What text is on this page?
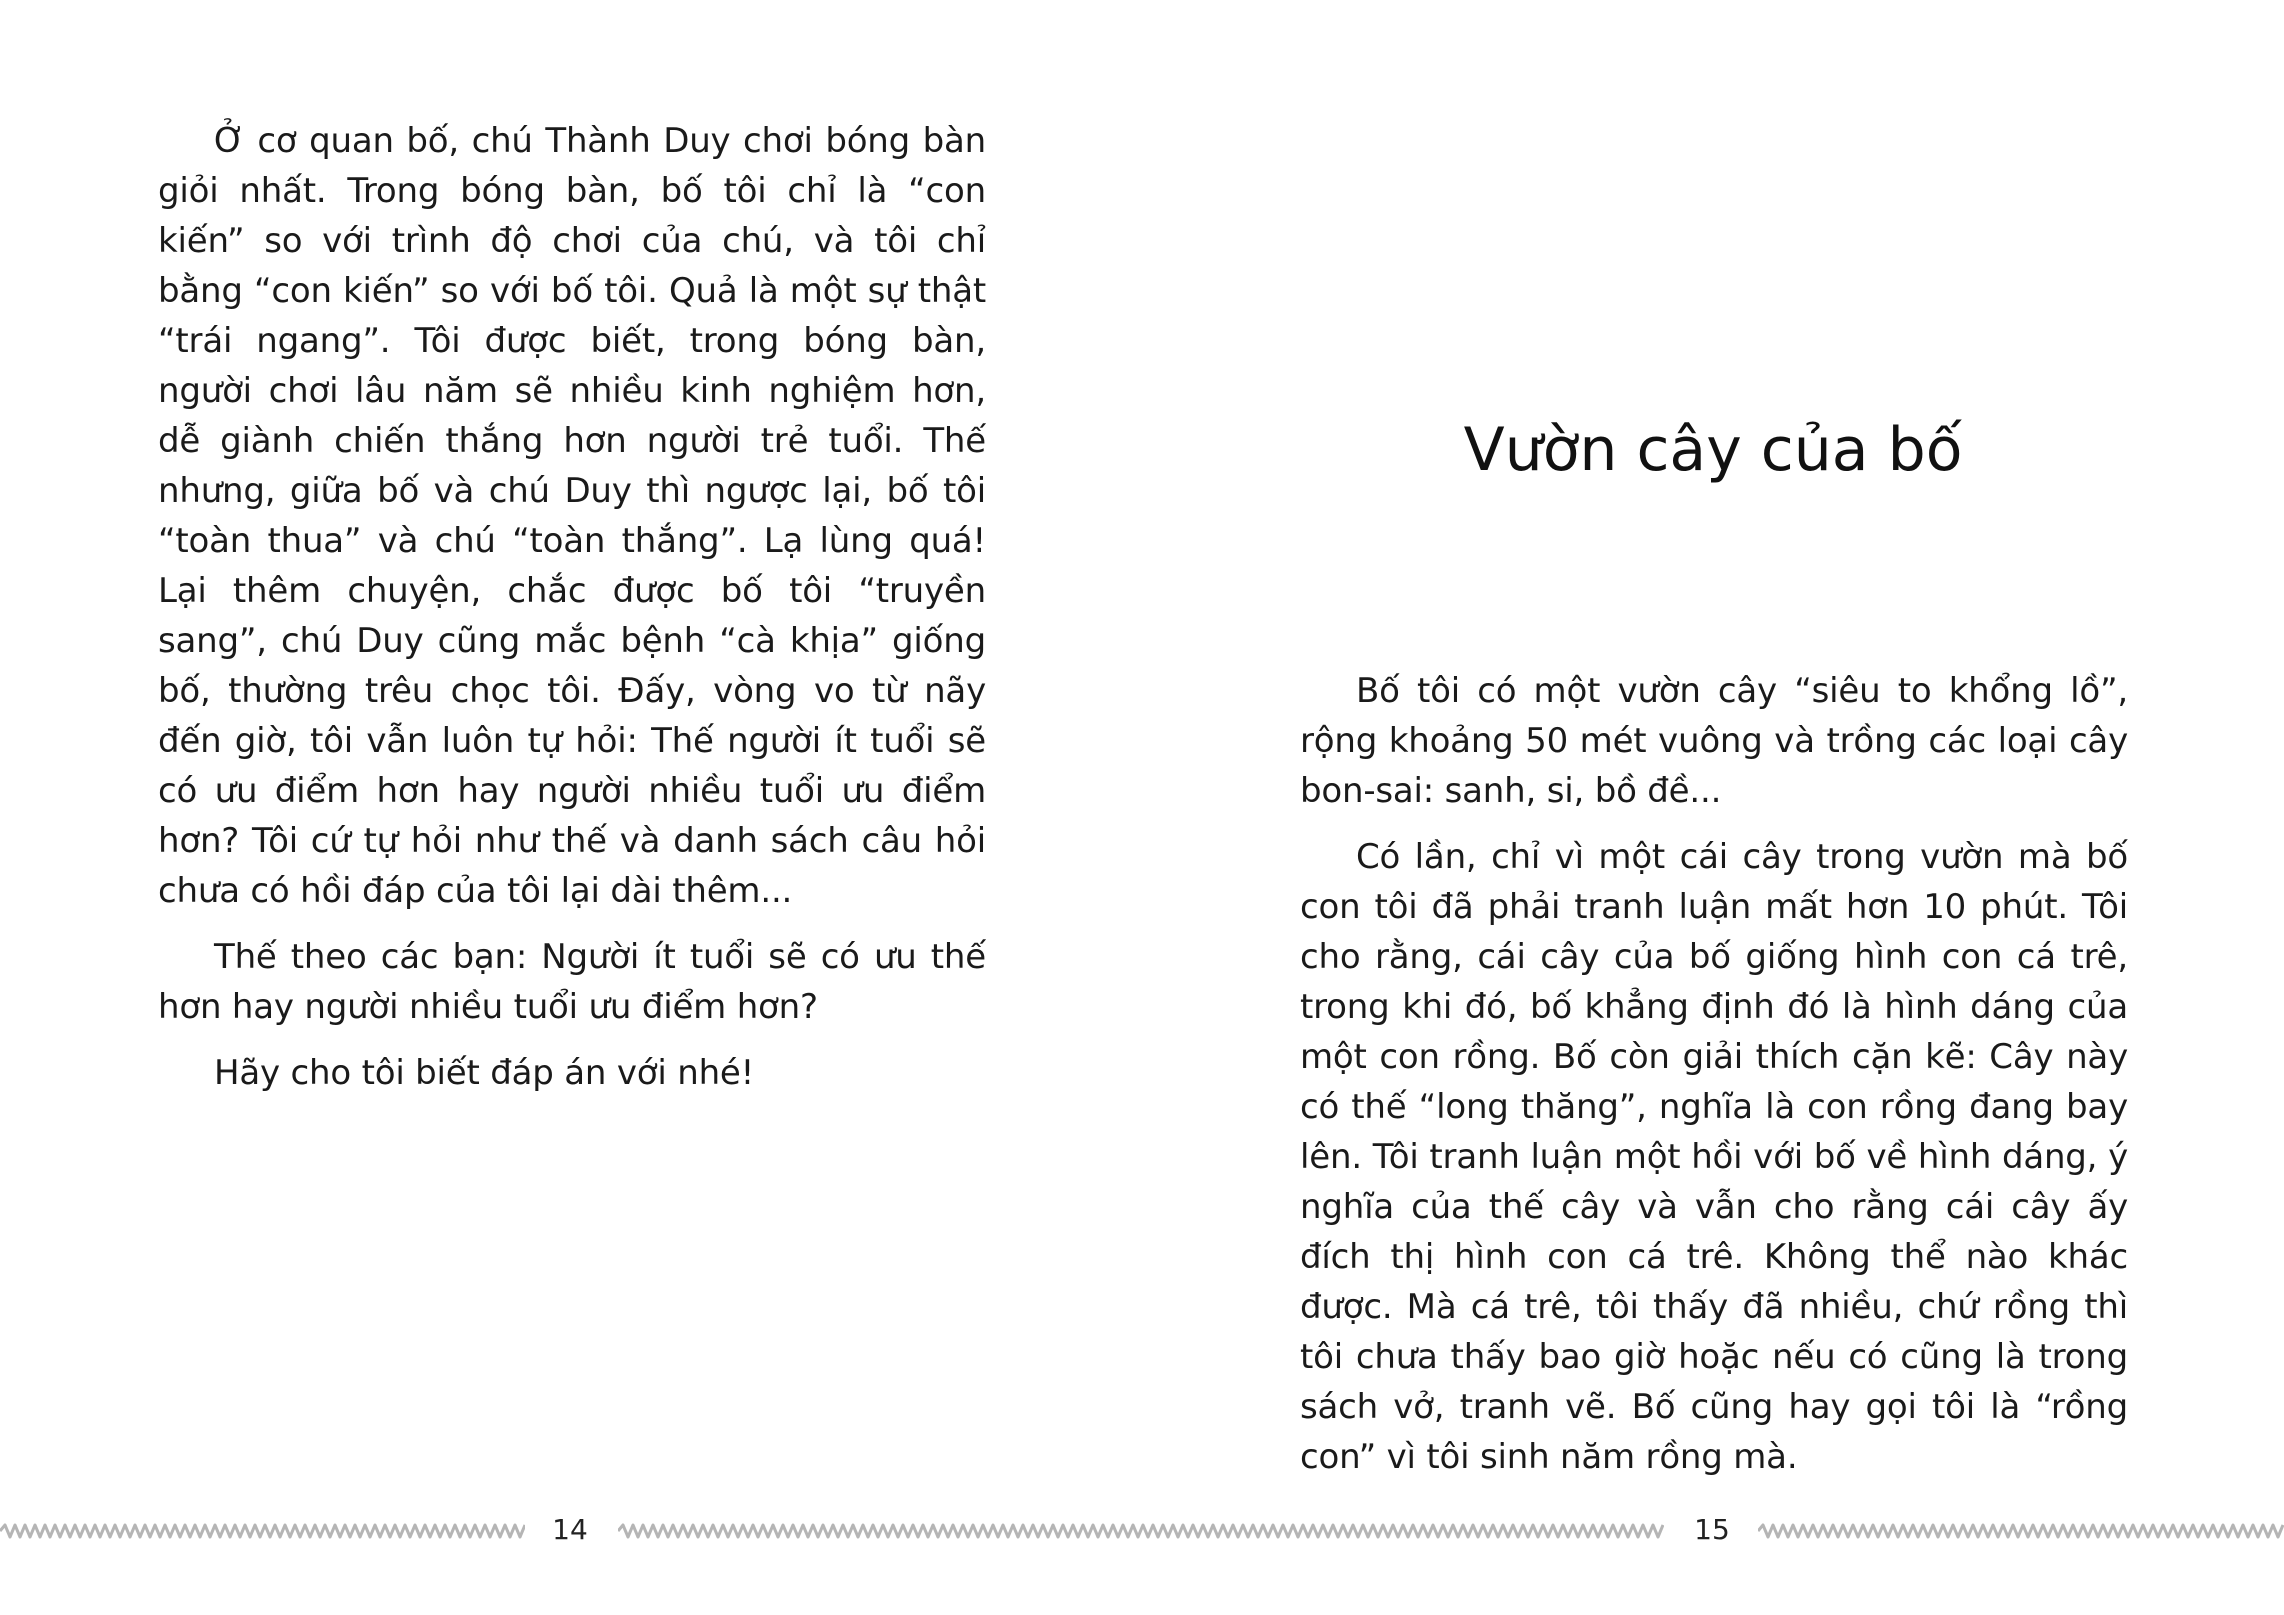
Ở cơ quan bố, chú Thành Duy chơi bóng bàn giỏi nhất. Trong bóng bàn, bố tôi chỉ là “con kiến” so với trình độ chơi của chú, và tôi chỉ bằng “con kiến” so với bố tôi. Quả là một sự thật “trái ngang”. Tôi được biết, trong bóng bàn, người chơi lâu năm sẽ nhiều kinh nghiệm hơn, dễ giành chiến thắng hơn người trẻ tuổi. Thế nhưng, giữa bố và chú Duy thì ngược lại, bố tôi “toàn thua” và chú “toàn thắng”. Lạ lùng quá! Lại thêm chuyện, chắc được bố tôi “truyền sang”, chú Duy cũng mắc bệnh “cà khịa” giống bố, thường trêu chọc tôi. Đấy, vòng vo từ nãy đến giờ, tôi vẫn luôn tự hỏi: Thế người ít tuổi sẽ có ưu điểm hơn hay người nhiều tuổi ưu điểm hơn? Tôi cứ tự hỏi như thế và danh sách câu hỏi chưa có hồi đáp của tôi lại dài thêm...

Thế theo các bạn: Người ít tuổi sẽ có ưu thế hơn hay người nhiều tuổi ưu điểm hơn?

Hãy cho tôi biết đáp án với nhé!

Vườn cây của bố

Bố tôi có một vườn cây “siêu to khổng lồ”, rộng khoảng 50 mét vuông và trồng các loại cây bon-sai: sanh, si, bồ đề...

Có lần, chỉ vì một cái cây trong vườn mà bố con tôi đã phải tranh luận mất hơn 10 phút. Tôi cho rằng, cái cây của bố giống hình con cá trê, trong khi đó, bố khẳng định đó là hình dáng của một con rồng. Bố còn giải thích cặn kẽ: Cây này có thế “long thăng”, nghĩa là con rồng đang bay lên. Tôi tranh luận một hồi với bố về hình dáng, ý nghĩa của thế cây và vẫn cho rằng cái cây ấy đích thị hình con cá trê. Không thể nào khác được. Mà cá trê, tôi thấy đã nhiều, chứ rồng thì tôi chưa thấy bao giờ hoặc nếu có cũng là trong sách vở, tranh vẽ. Bố cũng hay gọi tôi là “rồng con” vì tôi sinh năm rồng mà.

14	15
